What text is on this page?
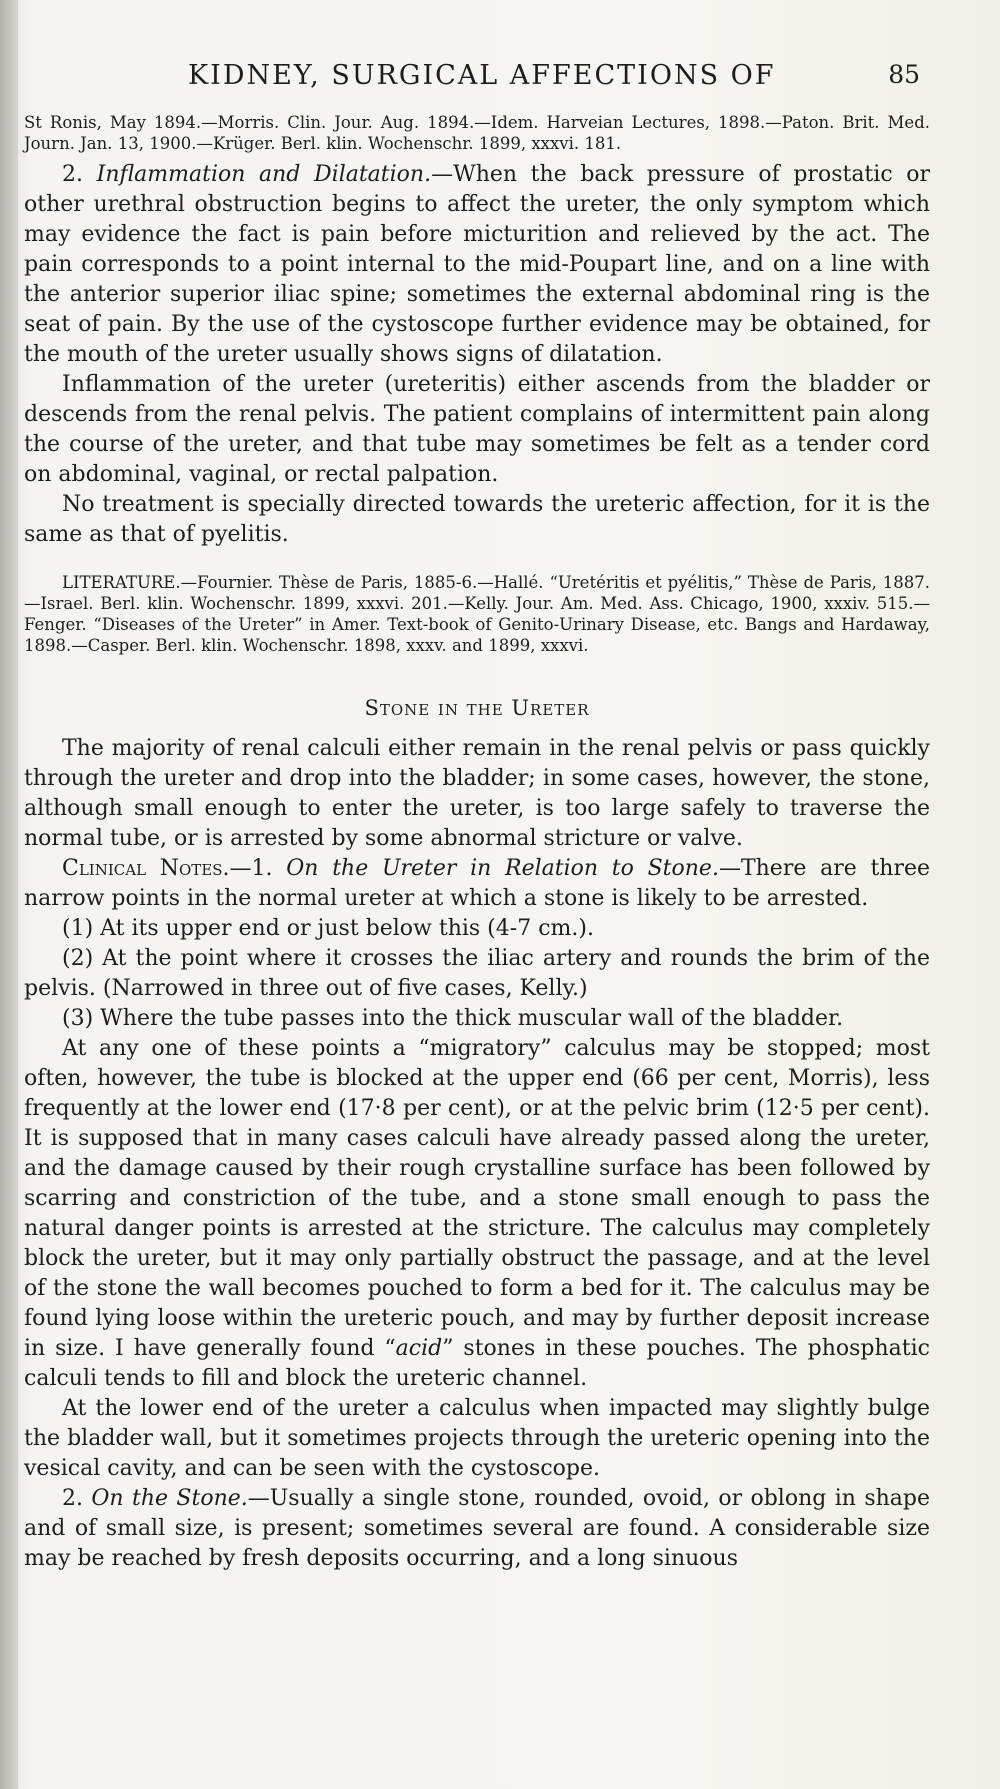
KIDNEY, SURGICAL AFFECTIONS OF	85

St Ronis, May 1894.—Morris. Clin. Jour. Aug. 1894.—Idem. Harveian Lectures, 1898.—Paton. Brit. Med. Journ. Jan. 13, 1900.—Krüger. Berl. klin. Wochenschr. 1899, xxxvi. 181.

2. Inflammation and Dilatation.—When the back pressure of prostatic or other urethral obstruction begins to affect the ureter, the only symptom which may evidence the fact is pain before micturition and relieved by the act. The pain corresponds to a point internal to the mid-Poupart line, and on a line with the anterior superior iliac spine; sometimes the external abdominal ring is the seat of pain. By the use of the cystoscope further evidence may be obtained, for the mouth of the ureter usually shows signs of dilatation.

Inflammation of the ureter (ureteritis) either ascends from the bladder or descends from the renal pelvis. The patient complains of intermittent pain along the course of the ureter, and that tube may sometimes be felt as a tender cord on abdominal, vaginal, or rectal palpation.

No treatment is specially directed towards the ureteric affection, for it is the same as that of pyelitis.

LITERATURE.—Fournier. Thèse de Paris, 1885-6.—Hallé. “Uretéritis et pyélitis,” Thèse de Paris, 1887.—Israel. Berl. klin. Wochenschr. 1899, xxxvi. 201.—Kelly. Jour. Am. Med. Ass. Chicago, 1900, xxxiv. 515.—Fenger. “Diseases of the Ureter” in Amer. Text-book of Genito-Urinary Disease, etc. Bangs and Hardaway, 1898.—Casper. Berl. klin. Wochenschr. 1898, xxxv. and 1899, xxxvi.

Stone in the Ureter

The majority of renal calculi either remain in the renal pelvis or pass quickly through the ureter and drop into the bladder; in some cases, however, the stone, although small enough to enter the ureter, is too large safely to traverse the normal tube, or is arrested by some abnormal stricture or valve.

Clinical Notes.—1. On the Ureter in Relation to Stone.—There are three narrow points in the normal ureter at which a stone is likely to be arrested.

(1) At its upper end or just below this (4-7 cm.).

(2) At the point where it crosses the iliac artery and rounds the brim of the pelvis. (Narrowed in three out of five cases, Kelly.)

(3) Where the tube passes into the thick muscular wall of the bladder.

At any one of these points a “migratory” calculus may be stopped; most often, however, the tube is blocked at the upper end (66 per cent, Morris), less frequently at the lower end (17·8 per cent), or at the pelvic brim (12·5 per cent). It is supposed that in many cases calculi have already passed along the ureter, and the damage caused by their rough crystalline surface has been followed by scarring and constriction of the tube, and a stone small enough to pass the natural danger points is arrested at the stricture. The calculus may completely block the ureter, but it may only partially obstruct the passage, and at the level of the stone the wall becomes pouched to form a bed for it. The calculus may be found lying loose within the ureteric pouch, and may by further deposit increase in size. I have generally found “acid” stones in these pouches. The phosphatic calculi tends to fill and block the ureteric channel.

At the lower end of the ureter a calculus when impacted may slightly bulge the bladder wall, but it sometimes projects through the ureteric opening into the vesical cavity, and can be seen with the cystoscope.

2. On the Stone.—Usually a single stone, rounded, ovoid, or oblong in shape and of small size, is present; sometimes several are found. A considerable size may be reached by fresh deposits occurring, and a long sinuous
